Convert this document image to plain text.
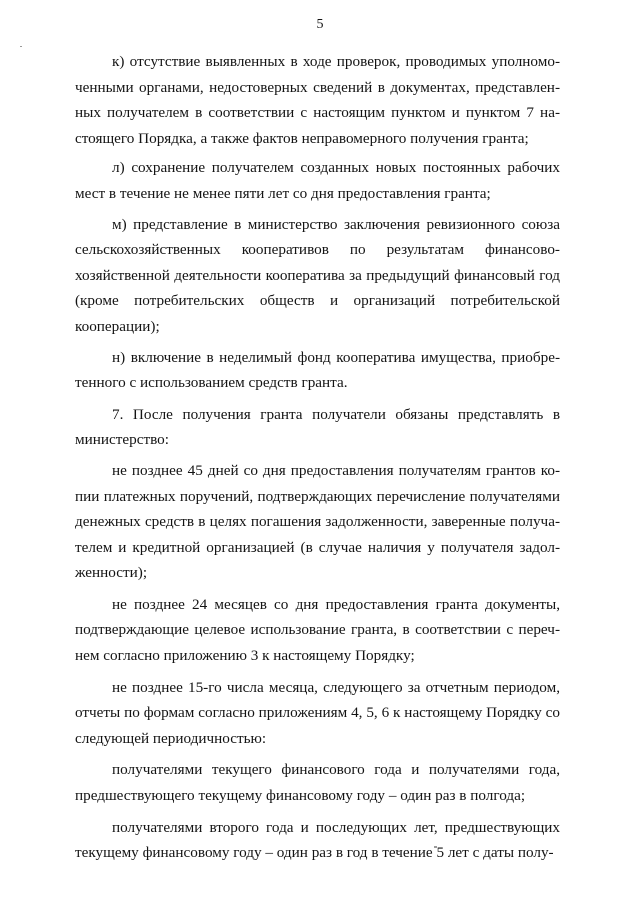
5

к) отсутствие выявленных в ходе проверок, проводимых уполномоченными органами, недостоверных сведений в документах, представленных получателем в соответствии с настоящим пунктом и пунктом 7 настоящего Порядка, а также фактов неправомерного получения гранта;

л) сохранение получателем созданных новых постоянных рабочих мест в течение не менее пяти лет со дня предоставления гранта;

м) представление в министерство заключения ревизионного союза сельскохозяйственных кооперативов по результатам финансово-хозяйственной деятельности кооператива за предыдущий финансовый год (кроме потребительских обществ и организаций потребительской кооперации);

н) включение в неделимый фонд кооператива имущества, приобретенного с использованием средств гранта.

7. После получения гранта получатели обязаны представлять в министерство:

не позднее 45 дней со дня предоставления получателям грантов копии платежных поручений, подтверждающих перечисление получателями денежных средств в целях погашения задолженности, заверенные получателем и кредитной организацией (в случае наличия у получателя задолженности);

не позднее 24 месяцев со дня предоставления гранта документы, подтверждающие целевое использование гранта, в соответствии с перечнем согласно приложению 3 к настоящему Порядку;

не позднее 15-го числа месяца, следующего за отчетным периодом, отчеты по формам согласно приложениям 4, 5, 6 к настоящему Порядку со следующей периодичностью:

получателями текущего финансового года и получателями года, предшествующего текущему финансовому году – один раз в полгода;

получателями второго года и последующих лет, предшествующих текущему финансовому году – один раз в год в течение 5 лет с даты полу-
